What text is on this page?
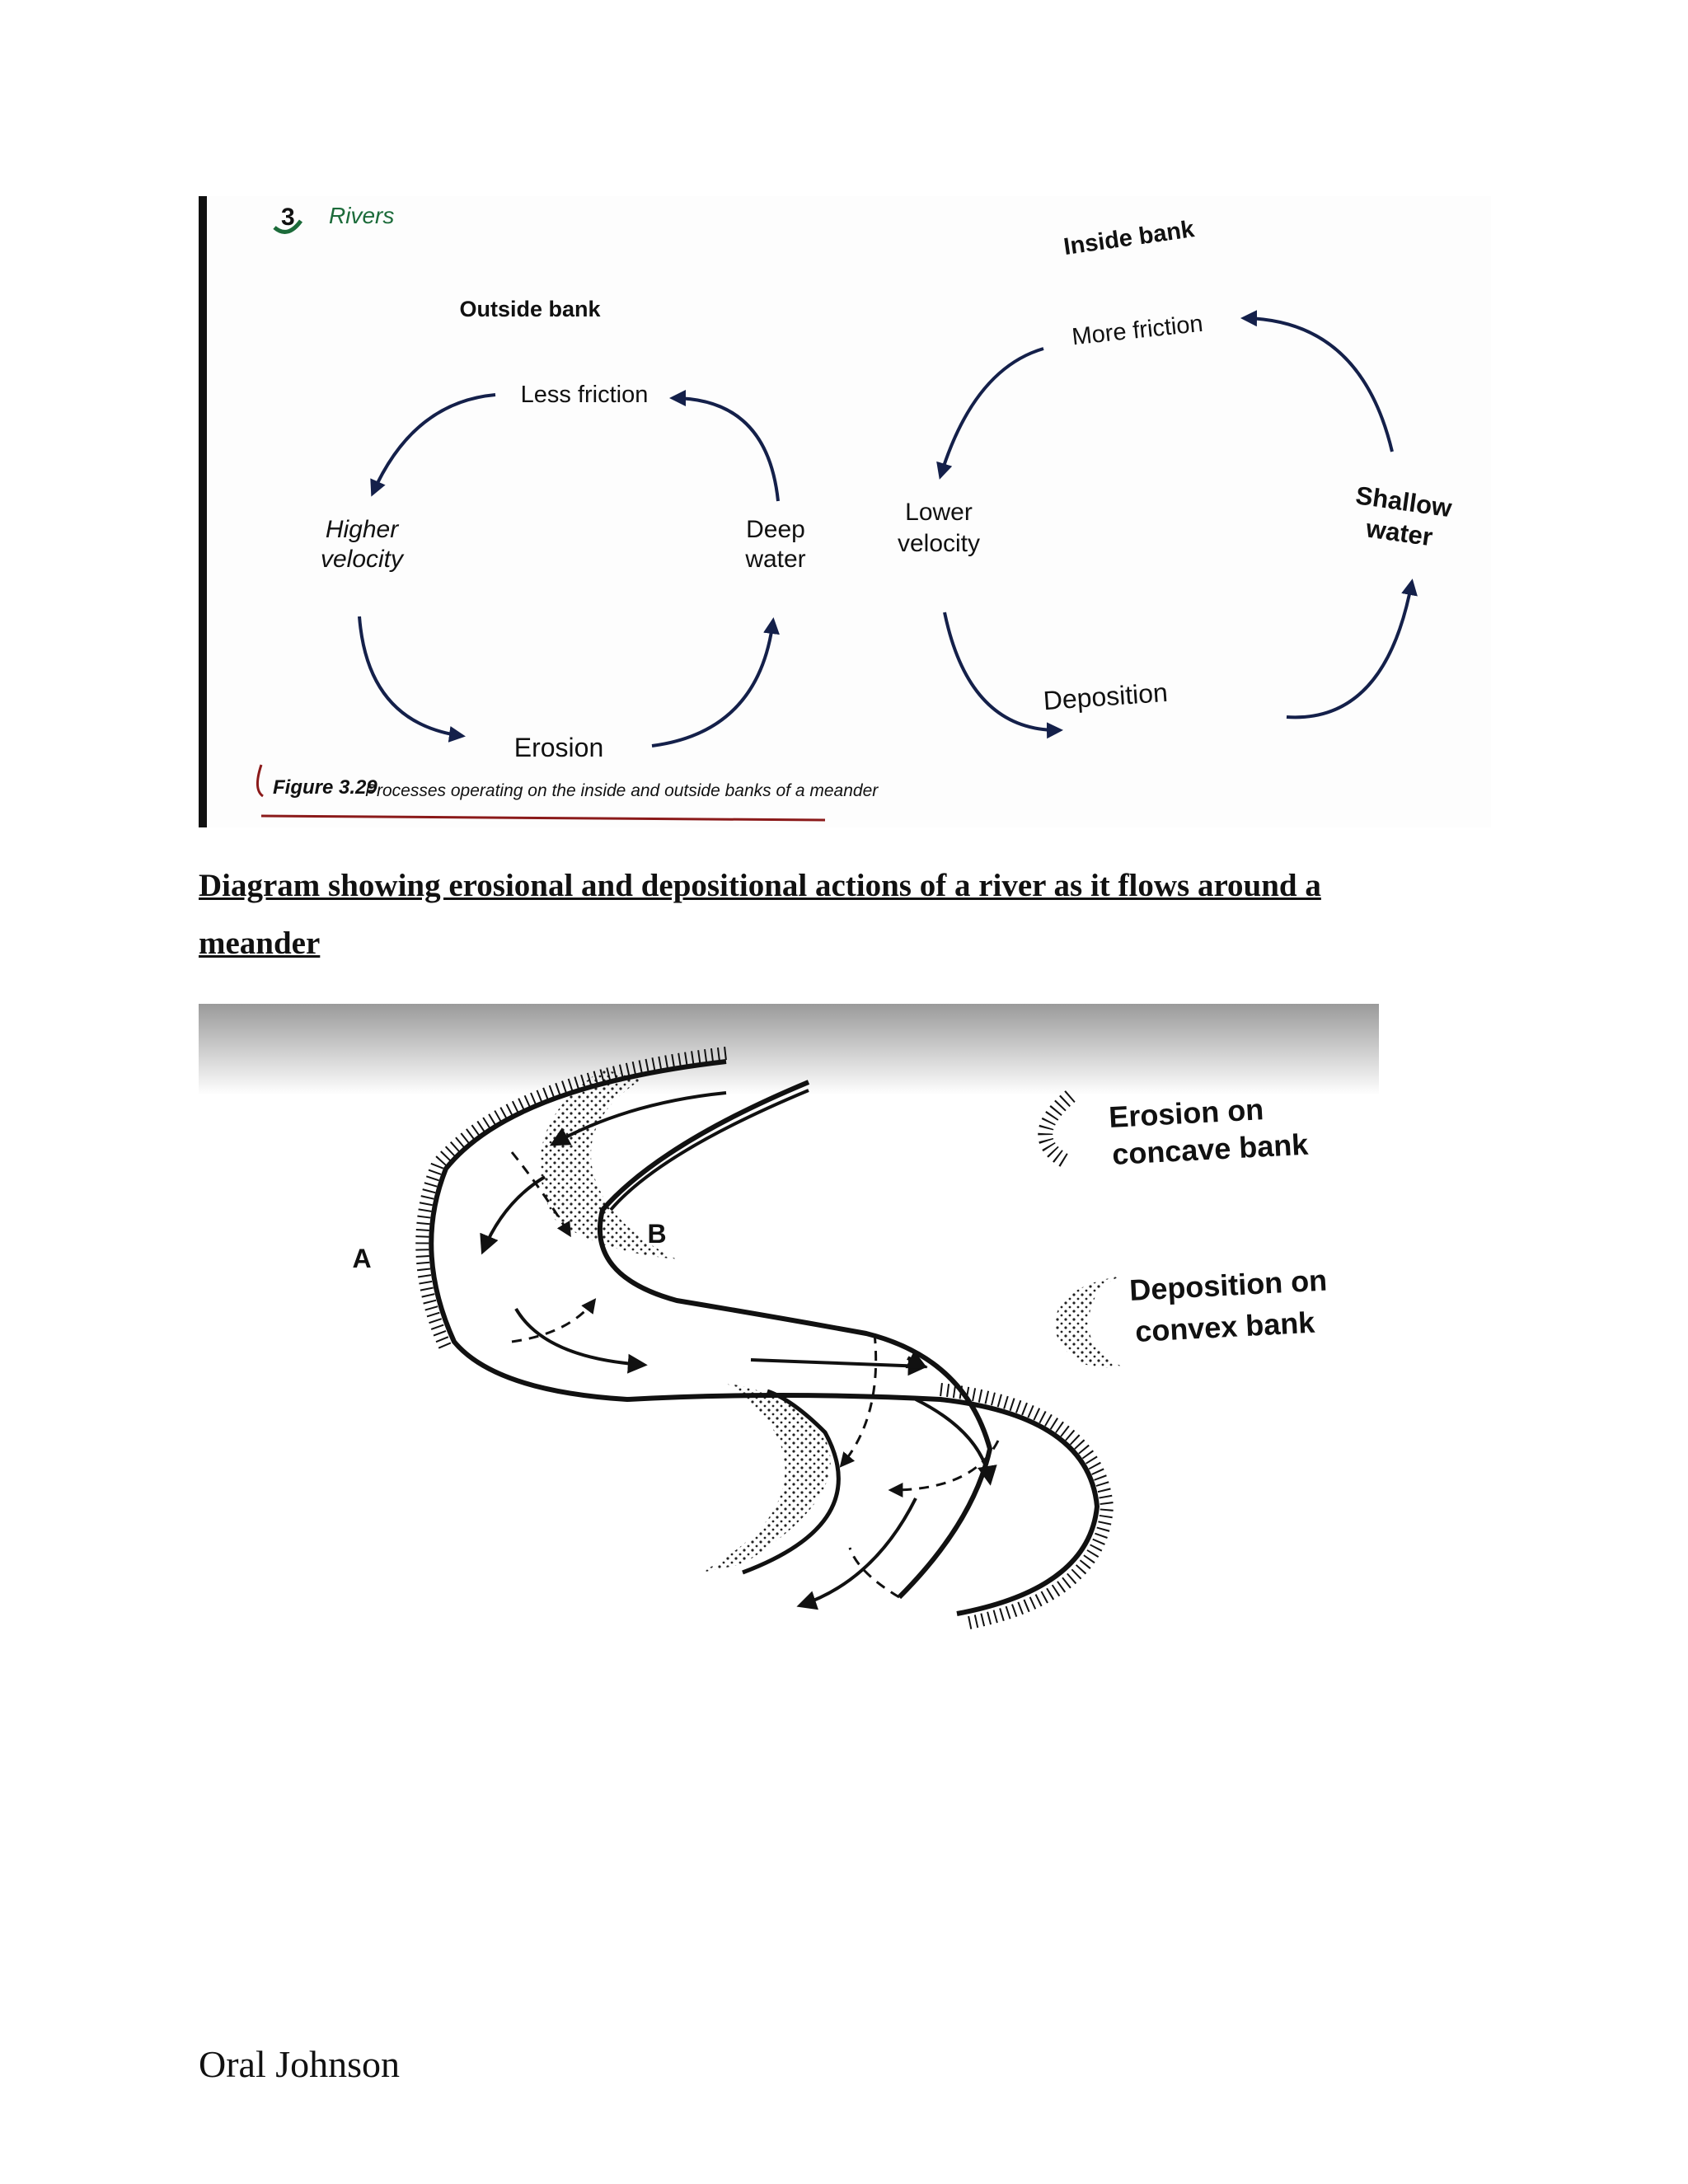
3 Rivers
Outside bank
Less friction
Higher velocity
Erosion
Deep water
Inside bank
More friction
Deposition
Lower velocity
Shallowwater
Figure 3.29
Processes operating on the inside and outside banks of a meander
Diagram showing erosional and depositional actions of a river as it flows around a meander
A
B
Erosion on
concave bank
Deposition on
convex bank
Oral Johnson
